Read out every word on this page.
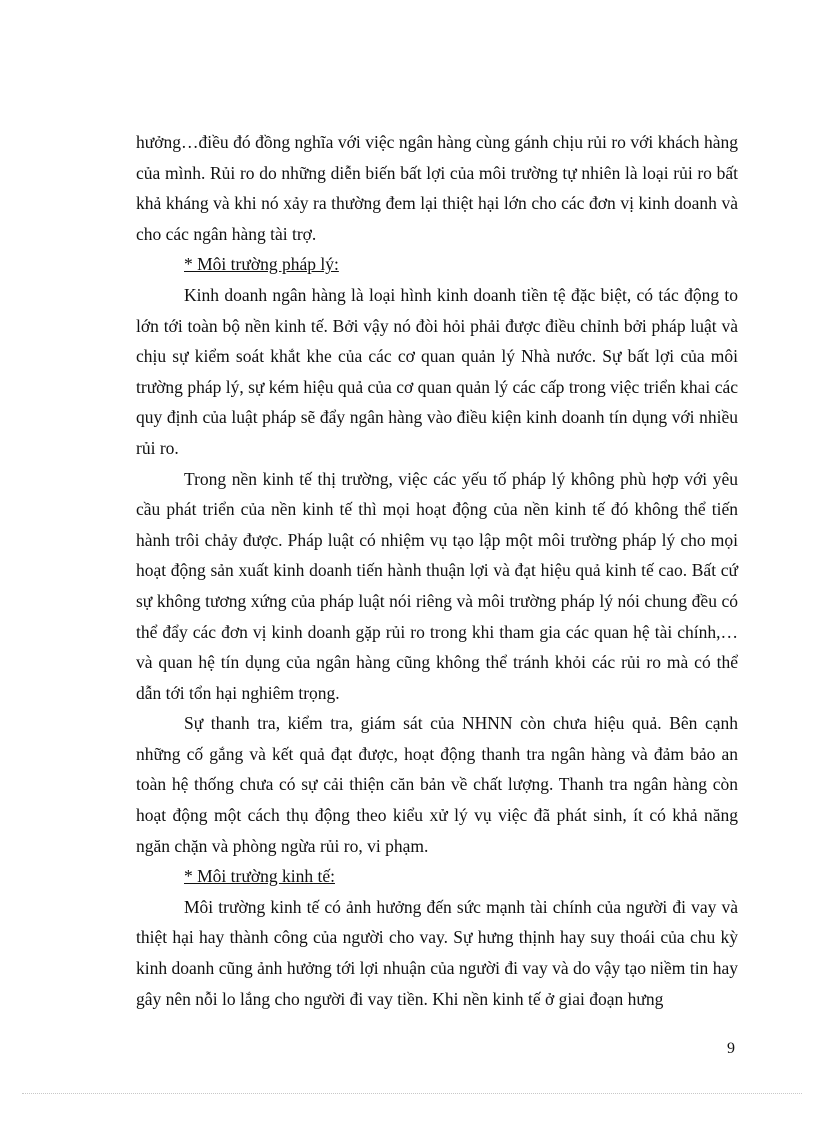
hưởng…điều đó đồng nghĩa với việc ngân hàng cùng gánh chịu rủi ro với khách hàng của mình. Rủi ro do những diễn biến bất lợi của môi trường tự nhiên là loại rủi ro bất khả kháng và khi nó xảy ra thường đem lại thiệt hại lớn cho các đơn vị kinh doanh và cho các ngân hàng tài trợ.

* Môi trường pháp lý:

Kinh doanh ngân hàng là loại hình kinh doanh tiền tệ đặc biệt, có tác động to lớn tới toàn bộ nền kinh tế. Bởi vậy nó đòi hỏi phải được điều chỉnh bởi pháp luật và chịu sự kiểm soát khắt khe của các cơ quan quản lý Nhà nước. Sự bất lợi của môi trường pháp lý, sự kém hiệu quả của cơ quan quản lý các cấp trong việc triển khai các quy định của luật pháp sẽ đẩy ngân hàng vào điều kiện kinh doanh tín dụng với nhiều rủi ro.

Trong nền kinh tế thị trường, việc các yếu tố pháp lý không phù hợp với yêu cầu phát triển của nền kinh tế thì mọi hoạt động của nền kinh tế đó không thể tiến hành trôi chảy được. Pháp luật có nhiệm vụ tạo lập một môi trường pháp lý cho mọi hoạt động sản xuất kinh doanh tiến hành thuận lợi và đạt hiệu quả kinh tế cao. Bất cứ sự không tương xứng của pháp luật nói riêng và môi trường pháp lý nói chung đều có thể đẩy các đơn vị kinh doanh gặp rủi ro trong khi tham gia các quan hệ tài chính,…và quan hệ tín dụng của ngân hàng cũng không thể tránh khỏi các rủi ro mà có thể dẫn tới tổn hại nghiêm trọng.

Sự thanh tra, kiểm tra, giám sát của NHNN còn chưa hiệu quả. Bên cạnh những cố gắng và kết quả đạt được, hoạt động thanh tra ngân hàng và đảm bảo an toàn hệ thống chưa có sự cải thiện căn bản về chất lượng. Thanh tra ngân hàng còn hoạt động một cách thụ động theo kiểu xử lý vụ việc đã phát sinh, ít có khả năng ngăn chặn và phòng ngừa rủi ro, vi phạm.

* Môi trường kinh tế:

Môi trường kinh tế có ảnh hưởng đến sức mạnh tài chính của người đi vay và thiệt hại hay thành công của người cho vay. Sự hưng thịnh hay suy thoái của chu kỳ kinh doanh cũng ảnh hưởng tới lợi nhuận của người đi vay và do vậy tạo niềm tin hay gây nên nỗi lo lắng cho người đi vay tiền. Khi nền kinh tế ở giai đoạn hưng

9
